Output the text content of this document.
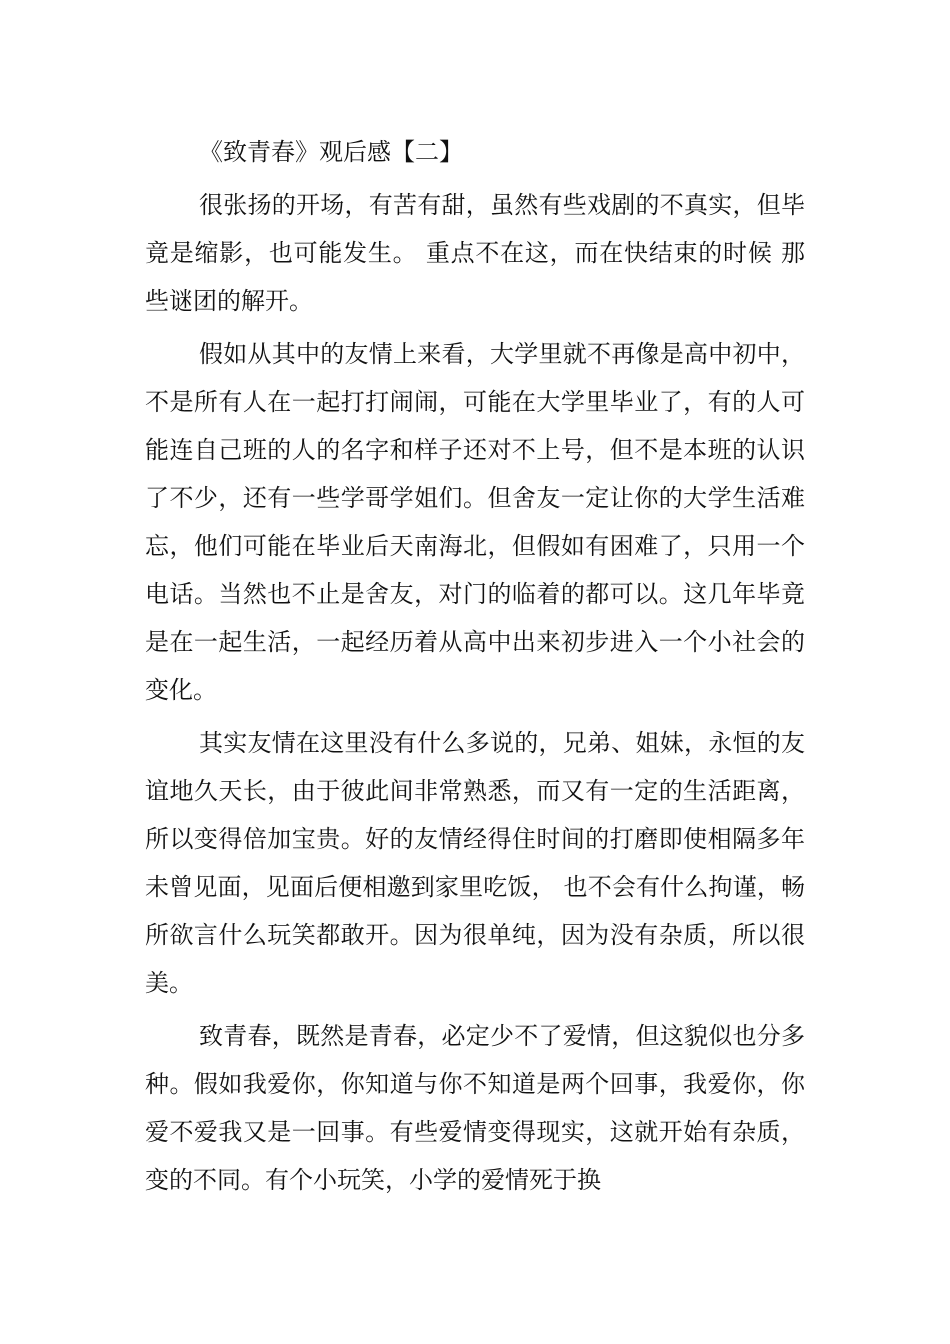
《致青春》观后感【二】

很张扬的开场，有苦有甜，虽然有些戏剧的不真实，但毕竟是缩影，也可能发生。 重点不在这，而在快结束的时候 那些谜团的解开。

假如从其中的友情上来看，大学里就不再像是高中初中，不是所有人在一起打打闹闹，可能在大学里毕业了，有的人可能连自己班的人的名字和样子还对不上号，但不是本班的认识了不少，还有一些学哥学姐们。但舍友一定让你的大学生活难忘，他们可能在毕业后天南海北，但假如有困难了，只用一个电话。当然也不止是舍友，对门的临着的都可以。这几年毕竟是在一起生活，一起经历着从高中出来初步进入一个小社会的变化。

其实友情在这里没有什么多说的，兄弟、姐妹，永恒的友谊地久天长，由于彼此间非常熟悉，而又有一定的生活距离，所以变得倍加宝贵。好的友情经得住时间的打磨即使相隔多年未曾见面，见面后便相邀到家里吃饭， 也不会有什么拘谨，畅所欲言什么玩笑都敢开。因为很单纯，因为没有杂质，所以很美。

致青春，既然是青春，必定少不了爱情，但这貌似也分多种。假如我爱你，你知道与你不知道是两个回事，我爱你，你爱不爱我又是一回事。有些爱情变得现实，这就开始有杂质，变的不同。有个小玩笑，小学的爱情死于换
